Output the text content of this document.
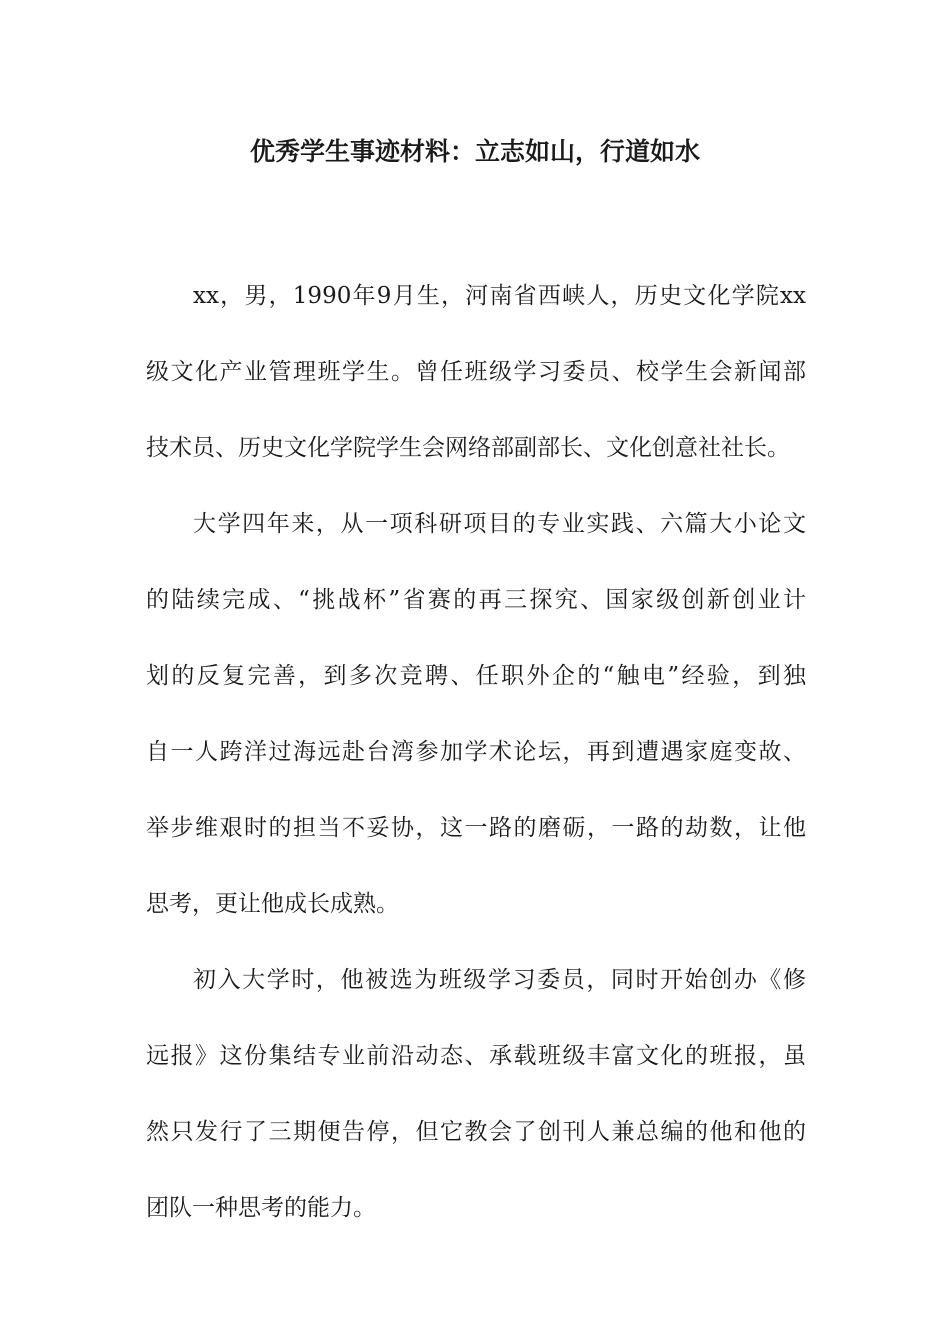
优秀学生事迹材料：立志如山，行道如水
xx，男，1990年9月生，河南省西峡人，历史文化学院xx
级文化产业管理班学生。曾任班级学习委员、校学生会新闻部
技术员、历史文化学院学生会网络部副部长、文化创意社社长。
大学四年来，从一项科研项目的专业实践、六篇大小论文
的陆续完成、“挑战杯”省赛的再三探究、国家级创新创业计
划的反复完善，到多次竞聘、任职外企的“触电”经验，到独
自一人跨洋过海远赴台湾参加学术论坛，再到遭遇家庭变故、
举步维艰时的担当不妥协，这一路的磨砺，一路的劫数，让他
思考，更让他成长成熟。
初入大学时，他被选为班级学习委员，同时开始创办《修
远报》这份集结专业前沿动态、承载班级丰富文化的班报，虽
然只发行了三期便告停，但它教会了创刊人兼总编的他和他的
团队一种思考的能力。
